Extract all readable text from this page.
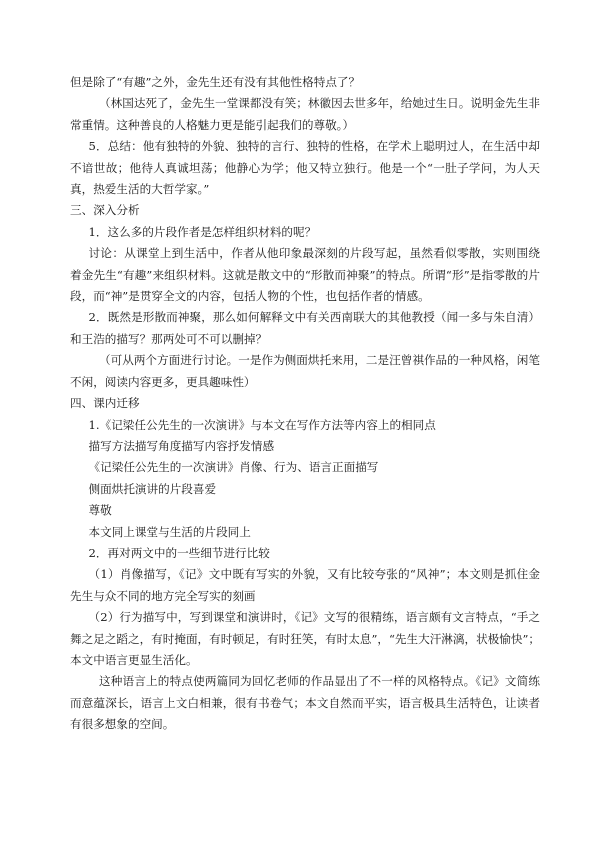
但是除了“有趣”之外，金先生还有没有其他性格特点了？

（林国达死了，金先生一堂课都没有笑；林徽因去世多年，给她过生日。说明金先生非常重情。这种善良的人格魅力更是能引起我们的尊敬。）

5．总结：他有独特的外貌、独特的言行、独特的性格，在学术上聪明过人，在生活中却不谙世故；他待人真诚坦荡；他静心为学；他又特立独行。他是一个“一肚子学问，为人天真，热爱生活的大哲学家。”

三、深入分析

1．这么多的片段作者是怎样组织材料的呢？

讨论：从课堂上到生活中，作者从他印象最深刻的片段写起，虽然看似零散，实则围绕着金先生“有趣”来组织材料。这就是散文中的“形散而神聚”的特点。所谓“形”是指零散的片段，而“神”是贯穿全文的内容，包括人物的个性，也包括作者的情感。

2．既然是形散而神聚，那么如何解释文中有关西南联大的其他教授（闻一多与朱自清）和王浩的描写？那两处可不可以删掉？

（可从两个方面进行讨论。一是作为侧面烘托来用，二是汪曾祺作品的一种风格，闲笔不闲，阅读内容更多，更具趣味性）

四、课内迁移

1.《记梁任公先生的一次演讲》与本文在写作方法等内容上的相同点

描写方法描写角度描写内容抒发情感

《记梁任公先生的一次演讲》肖像、行为、语言正面描写

侧面烘托演讲的片段喜爱

尊敬

本文同上课堂与生活的片段同上

2．再对两文中的一些细节进行比较

（1）肖像描写，《记》文中既有写实的外貌，又有比较夸张的“风神”；本文则是抓住金先生与众不同的地方完全写实的刻画

（2）行为描写中，写到课堂和演讲时，《记》文写的很精练，语言颇有文言特点，“手之舞之足之蹈之，有时掩面，有时顿足，有时狂笑，有时太息”，“先生大汗淋漓，状极愉快”；本文中语言更显生活化。

这种语言上的特点使两篇同为回忆老师的作品显出了不一样的风格特点。《记》文简练而意蕴深长，语言上文白相兼，很有书卷气；本文自然而平实，语言极具生活特色，让读者有很多想象的空间。
